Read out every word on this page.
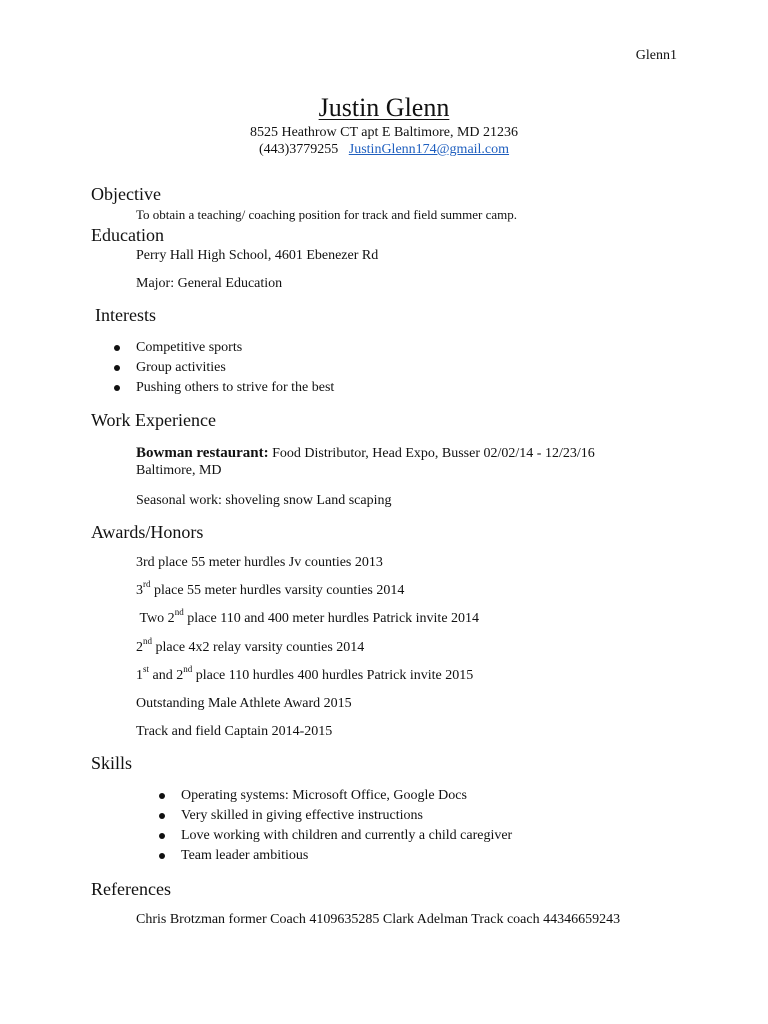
Glenn1
Justin Glenn
8525 Heathrow CT apt E Baltimore, MD 21236
(443)3779255 JustinGlenn174@gmail.com
Objective
To obtain a teaching/ coaching position for track and field summer camp.
Education
Perry Hall High School, 4601 Ebenezer Rd
Major: General Education
Interests
Competitive sports
Group activities
Pushing others to strive for the best
Work Experience
Bowman restaurant: Food Distributor, Head Expo, Busser 02/02/14 - 12/23/16
Baltimore, MD
Seasonal work: shoveling snow Land scaping
Awards/Honors
3rd place 55 meter hurdles Jv counties 2013
3rd place 55 meter hurdles varsity counties 2014
Two 2nd place 110 and 400 meter hurdles Patrick invite 2014
2nd place 4x2 relay varsity counties 2014
1st and 2nd place 110 hurdles 400 hurdles Patrick invite 2015
Outstanding Male Athlete Award 2015
Track and field Captain 2014-2015
Skills
Operating systems: Microsoft Office, Google Docs
Very skilled in giving effective instructions
Love working with children and currently a child caregiver
Team leader ambitious
References
Chris Brotzman former Coach 4109635285 Clark Adelman Track coach 44346659243
